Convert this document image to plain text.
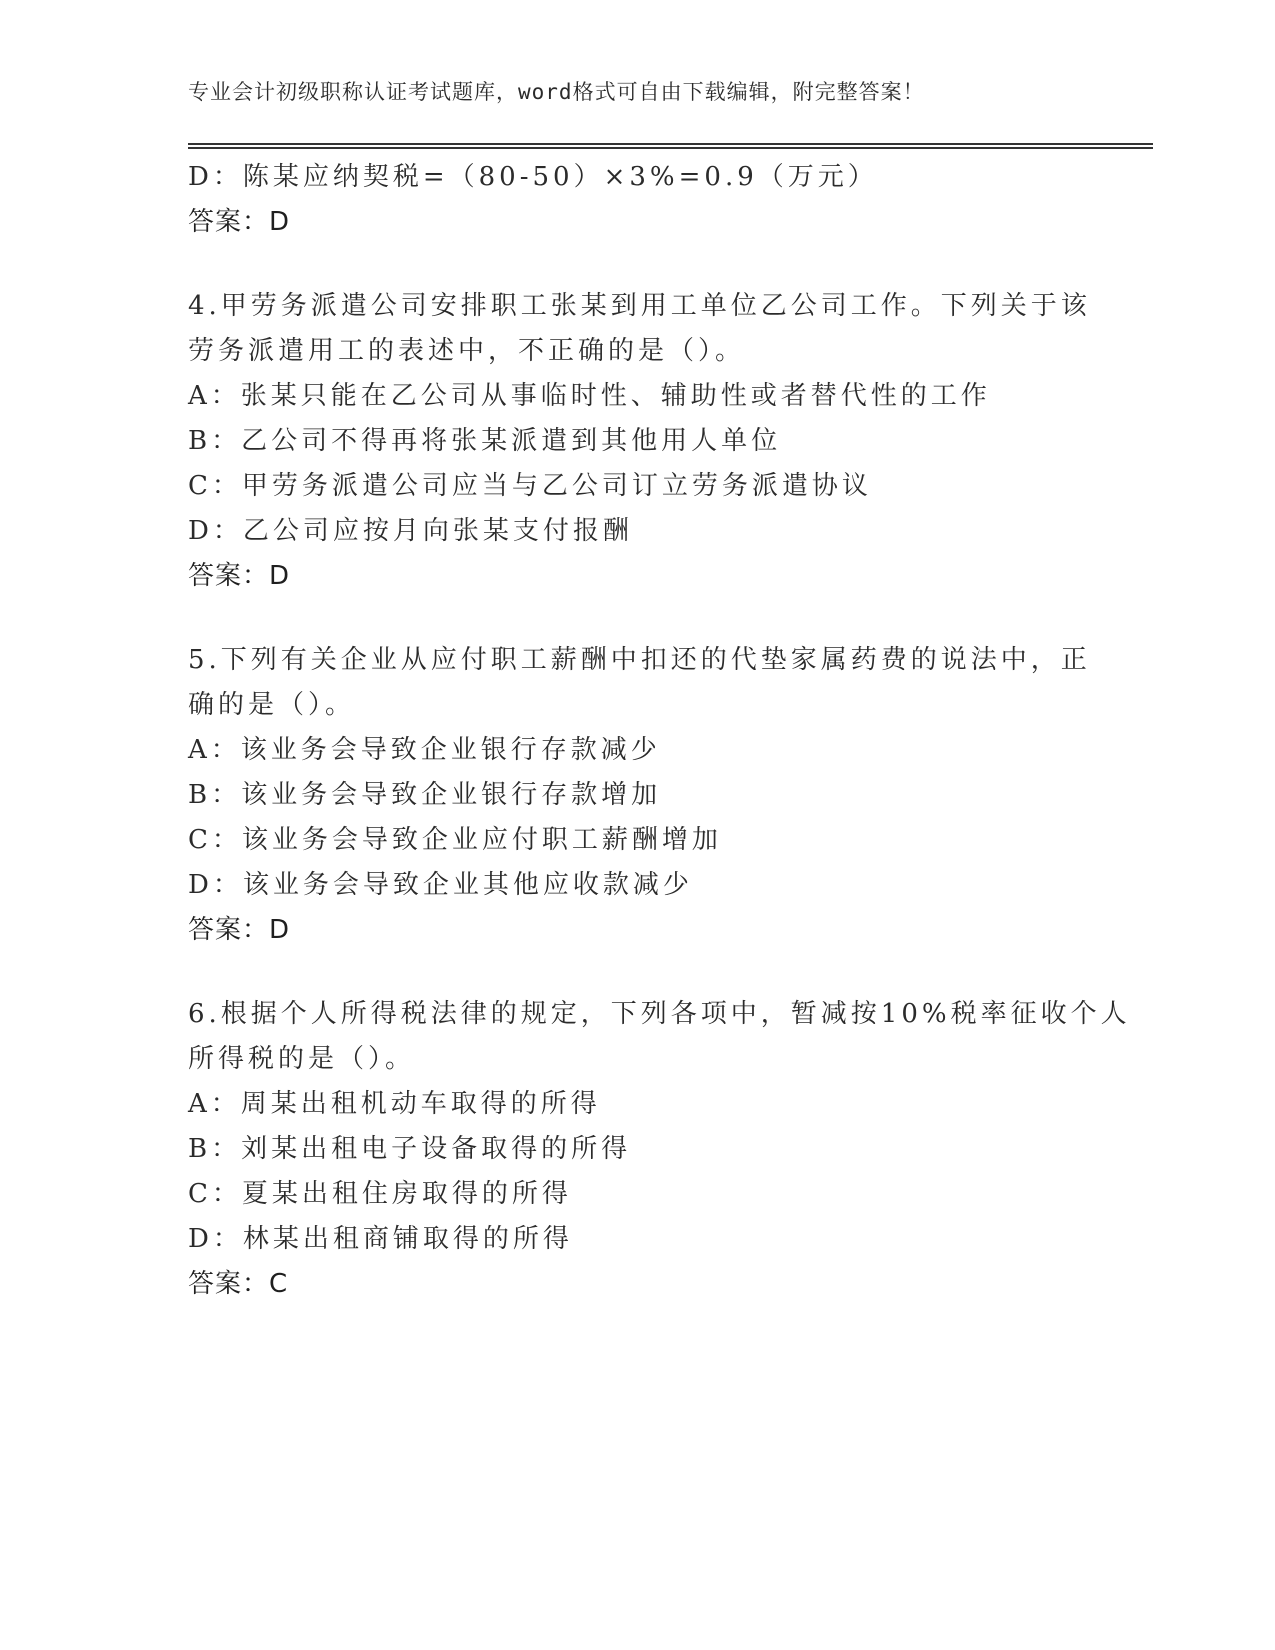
专业会计初级职称认证考试题库，word格式可自由下载编辑，附完整答案！
D：陈某应纳契税=（80-50）×3%=0.9（万元）
答案：D
4.甲劳务派遣公司安排职工张某到用工单位乙公司工作。下列关于该
劳务派遣用工的表述中，不正确的是（）。
A：张某只能在乙公司从事临时性、辅助性或者替代性的工作
B：乙公司不得再将张某派遣到其他用人单位
C：甲劳务派遣公司应当与乙公司订立劳务派遣协议
D：乙公司应按月向张某支付报酬
答案：D
5.下列有关企业从应付职工薪酬中扣还的代垫家属药费的说法中，正
确的是（）。
A：该业务会导致企业银行存款减少
B：该业务会导致企业银行存款增加
C：该业务会导致企业应付职工薪酬增加
D：该业务会导致企业其他应收款减少
答案：D
6.根据个人所得税法律的规定，下列各项中，暂减按10%税率征收个人
所得税的是（）。
A：周某出租机动车取得的所得
B：刘某出租电子设备取得的所得
C：夏某出租住房取得的所得
D：林某出租商铺取得的所得
答案：C
